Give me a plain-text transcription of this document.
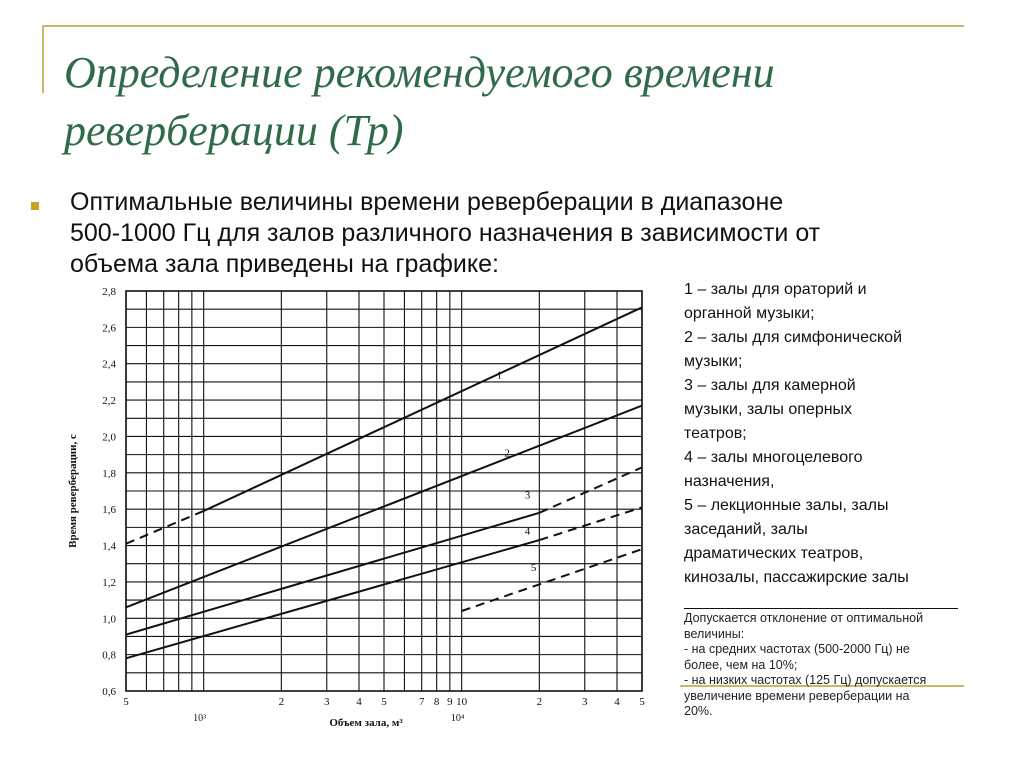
Определение рекомендуемого времени реверберации (Тр)
Оптимальные величины времени реверберации в диапазоне
500-1000 Гц для залов различного назначения в зависимости от
объема зала приведены на графике:
0,6
0,8
1,0
1,2
1,4
1,6
1,8
2,0
2,2
2,4
2,6
2,8
5	2	3 4 5	7 8 9 10	2	3 4 5
10³	10⁴
Объем зала, м³
Время реверберации, с
1
2
3
4
5
1 – залы для ораторий и
органной музыки;
2 – залы для симфонической
музыки;
3 – залы для камерной
музыки, залы оперных
театров;
4 – залы многоцелевого
назначения,
5 – лекционные залы, залы
заседаний, залы
драматических театров,
кинозалы, пассажирские залы
Допускается отклонение от оптимальной
величины:
- на средних частотах (500-2000 Гц) не
более, чем на 10%;
- на низких частотах (125 Гц) допускается
увеличение времени реверберации на
20%.
